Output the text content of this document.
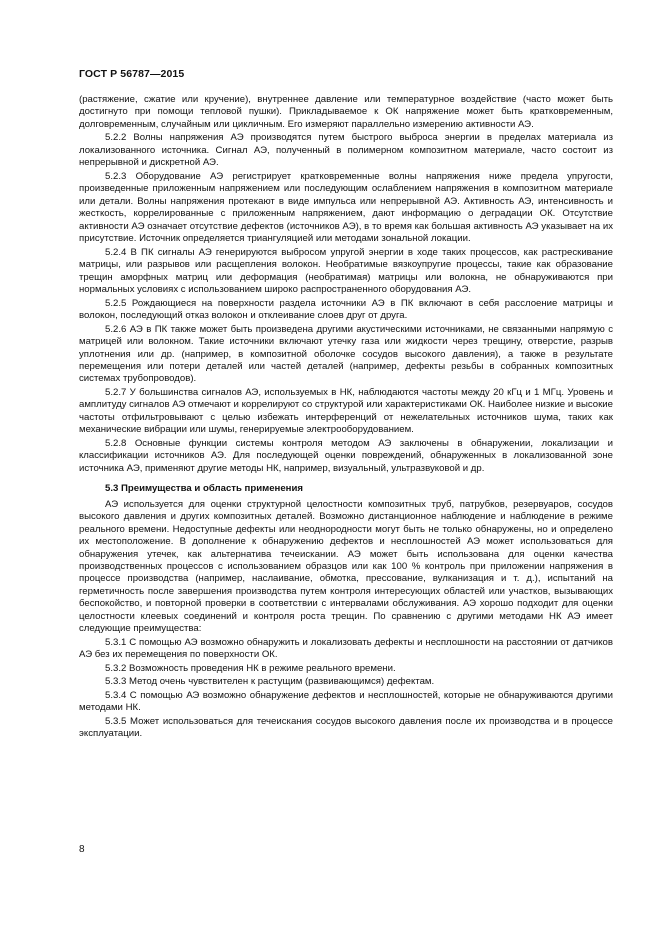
ГОСТ Р 56787—2015

(растяжение, сжатие или кручение), внутреннее давление или температурное воздействие (часто может быть достигнуто при помощи тепловой пушки). Прикладываемое к ОК напряжение может быть кратковременным, долговременным, случайным или цикличным. Его измеряют параллельно измерению активности АЭ.

5.2.2 Волны напряжения АЭ производятся путем быстрого выброса энергии в пределах материала из локализованного источника. Сигнал АЭ, полученный в полимерном композитном материале, часто состоит из непрерывной и дискретной АЭ.

5.2.3 Оборудование АЭ регистрирует кратковременные волны напряжения ниже предела упругости, произведенные приложенным напряжением или последующим ослаблением напряжения в композитном материале или детали. Волны напряжения протекают в виде импульса или непрерывной АЭ. Активность АЭ, интенсивность и жесткость, коррелированные с приложенным напряжением, дают информацию о деградации ОК. Отсутствие активности АЭ означает отсутствие дефектов (источников АЭ), в то время как большая активность АЭ указывает на их присутствие. Источник определяется триангуляцией или методами зональной локации.

5.2.4 В ПК сигналы АЭ генерируются выбросом упругой энергии в ходе таких процессов, как растрескивание матрицы, или разрывов или расщепления волокон. Необратимые вязкоупругие процессы, такие как образование трещин аморфных матриц или деформация (необратимая) матрицы или волокна, не обнаруживаются при нормальных условиях с использованием широко распространенного оборудования АЭ.

5.2.5 Рождающиеся на поверхности раздела источники АЭ в ПК включают в себя расслоение матрицы и волокон, последующий отказ волокон и отклеивание слоев друг от друга.

5.2.6 АЭ в ПК также может быть произведена другими акустическими источниками, не связанными напрямую с матрицей или волокном. Такие источники включают утечку газа или жидкости через трещину, отверстие, разрыв уплотнения или др. (например, в композитной оболочке сосудов высокого давления), а также в результате перемещения или потери деталей или частей деталей (например, дефекты резьбы в собранных композитных системах трубопроводов).

5.2.7 У большинства сигналов АЭ, используемых в НК, наблюдаются частоты между 20 кГц и 1 МГц. Уровень и амплитуду сигналов АЭ отмечают и коррелируют со структурой или характеристиками ОК. Наиболее низкие и высокие частоты отфильтровывают с целью избежать интерференций от нежелательных источников шума, таких как механические вибрации или шумы, генерируемые электрооборудованием.

5.2.8 Основные функции системы контроля методом АЭ заключены в обнаружении, локализации и классификации источников АЭ. Для последующей оценки повреждений, обнаруженных в локализованной зоне источника АЭ, применяют другие методы НК, например, визуальный, ультразвуковой и др.

5.3 Преимущества и область применения

АЭ используется для оценки структурной целостности композитных труб, патрубков, резервуаров, сосудов высокого давления и других композитных деталей. Возможно дистанционное наблюдение и наблюдение в режиме реального времени. Недоступные дефекты или неоднородности могут быть не только обнаружены, но и определено их местоположение. В дополнение к обнаружению дефектов и несплошностей АЭ может использоваться для обнаружения утечек, как альтернатива течеискании. АЭ может быть использована для оценки качества производственных процессов с использованием образцов или как 100 % контроль при приложении напряжения в процессе производства (например, наслаивание, обмотка, прессование, вулканизация и т. д.), испытаний на герметичность после завершения производства путем контроля интересующих областей или участков, вызывающих беспокойство, и повторной проверки в соответствии с интервалами обслуживания. АЭ хорошо подходит для оценки целостности клеевых соединений и контроля роста трещин. По сравнению с другими методами НК АЭ имеет следующие преимущества:

5.3.1 С помощью АЭ возможно обнаружить и локализовать дефекты и несплошности на расстоянии от датчиков АЭ без их перемещения по поверхности ОК.

5.3.2 Возможность проведения НК в режиме реального времени.

5.3.3 Метод очень чувствителен к растущим (развивающимся) дефектам.

5.3.4 С помощью АЭ возможно обнаружение дефектов и несплошностей, которые не обнаруживаются другими методами НК.

5.3.5 Может использоваться для течеискания сосудов высокого давления после их производства и в процессе эксплуатации.

8
